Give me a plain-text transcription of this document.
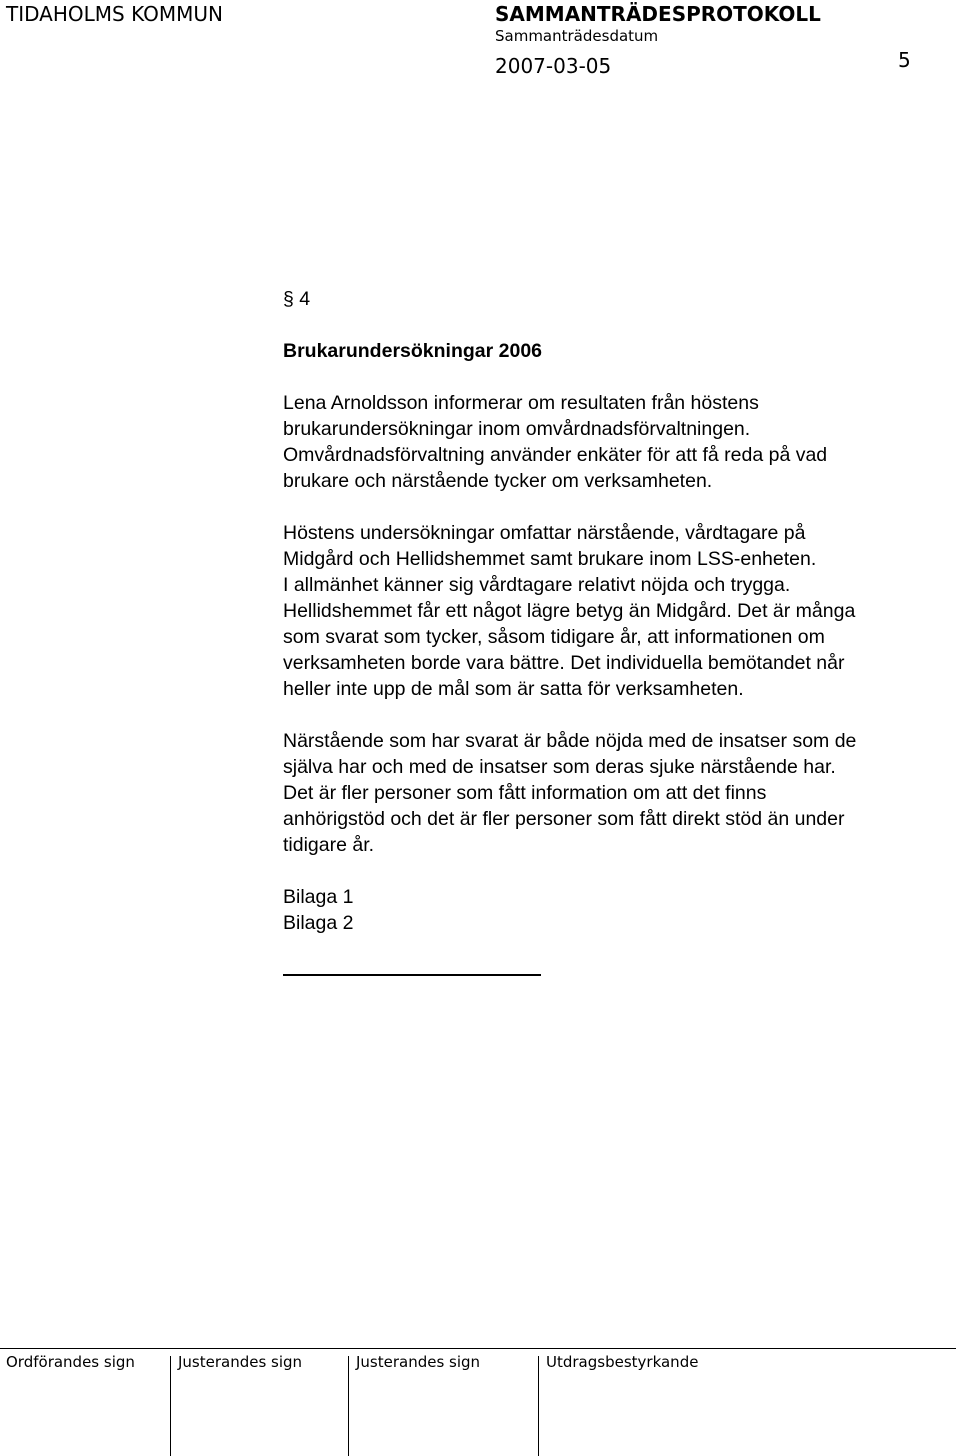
TIDAHOLMS KOMMUN	SAMMANTRÄDESPROTOKOLL
Sammanträdesdatum
2007-03-05	5
§ 4
Brukarundersökningar 2006
Lena Arnoldsson informerar om resultaten från höstens
brukarundersökningar inom omvårdnadsförvaltningen.
Omvårdnadsförvaltning använder enkäter för att få reda på vad
brukare och närstående tycker om verksamheten.
Höstens undersökningar omfattar närstående, vårdtagare på
Midgård och Hellidshemmet samt brukare inom LSS-enheten.
I allmänhet känner sig vårdtagare relativt nöjda och trygga.
Hellidshemmet får ett något lägre betyg än Midgård. Det är många
som svarat som tycker, såsom tidigare år, att informationen om
verksamheten borde vara bättre. Det individuella bemötandet når
heller inte upp de mål som är satta för verksamheten.
Närstående som har svarat är både nöjda med de insatser som de
själva har och med de insatser som deras sjuke närstående har.
Det är fler personer som fått information om att det finns
anhörigstöd och det är fler personer som fått direkt stöd än under
tidigare år.
Bilaga 1
Bilaga 2
Ordförandes sign	Justerandes sign	Justerandes sign	Utdragsbestyrkande
